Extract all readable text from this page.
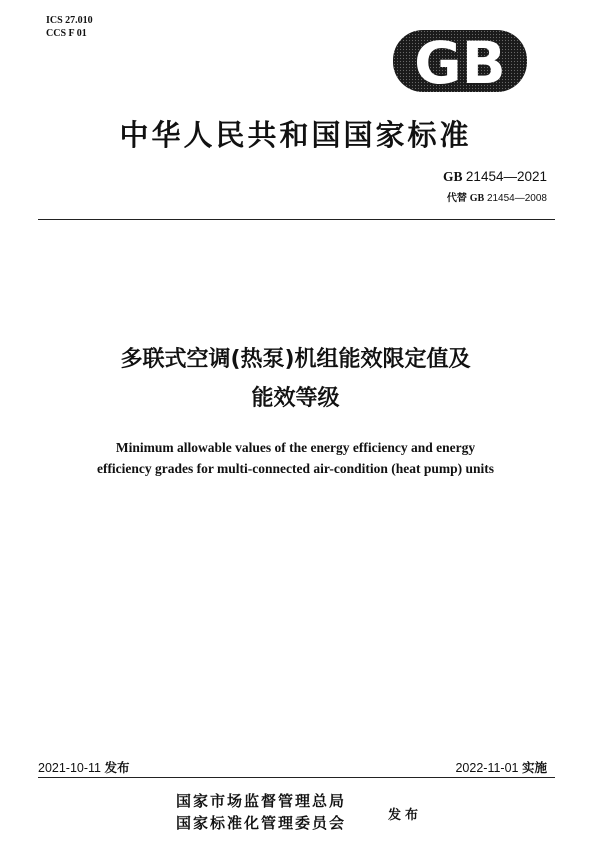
ICS 27.010
CCS F 01	GB
中华人民共和国国家标准
GB 21454—2021
代替 GB 21454—2008
多联式空调(热泵)机组能效限定值及
能效等级
Minimum allowable values of the energy efficiency and energy
efficiency grades for multi-connected air-condition (heat pump) units
2021-10-11 发布	2022-11-01 实施
国家市场监督管理总局
国家标准化管理委员会	发布
